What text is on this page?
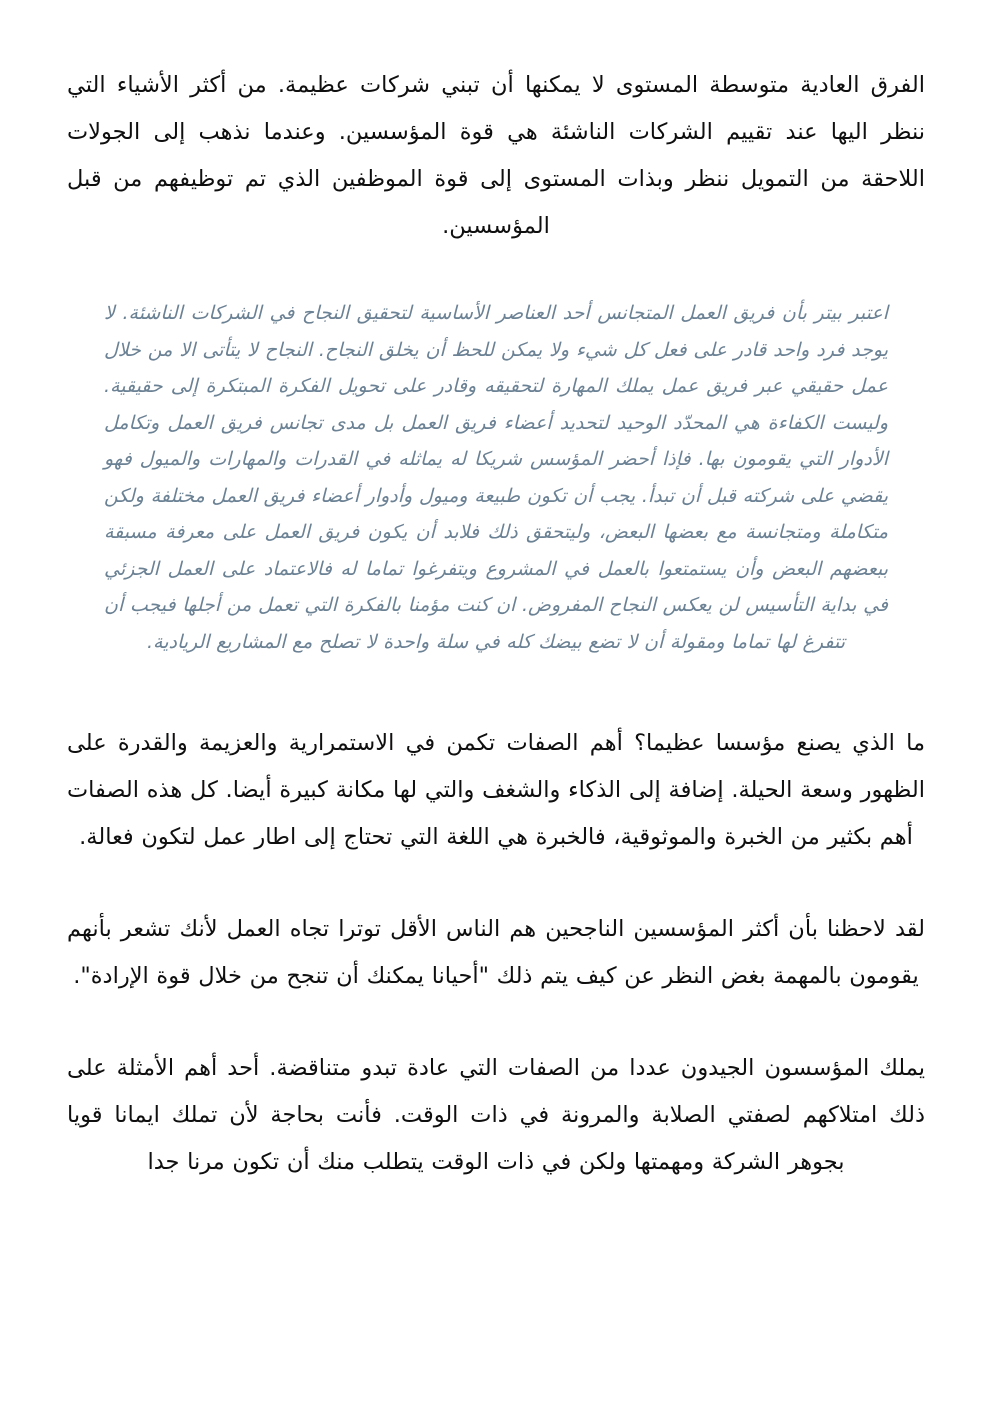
الفرق العادية متوسطة المستوى لا يمكنها أن تبني شركات عظيمة. من أكثر الأشياء التي ننظر اليها عند تقييم الشركات الناشئة هي قوة المؤسسين. وعندما نذهب إلى الجولات اللاحقة من التمويل ننظر وبذات المستوى إلى قوة الموظفين الذي تم توظيفهم من قبل المؤسسين.

اعتبر بيتر بأن فريق العمل المتجانس أحد العناصر الأساسية لتحقيق النجاح في الشركات الناشئة. لا يوجد فرد واحد قادر على فعل كل شيء ولا يمكن للحظ أن يخلق النجاح. النجاح لا يتأتى الا من خلال عمل حقيقي عبر فريق عمل يملك المهارة لتحقيقه وقادر على تحويل الفكرة المبتكرة إلى حقيقية. وليست الكفاءة هي المحدّد الوحيد لتحديد أعضاء فريق العمل بل مدى تجانس فريق العمل وتكامل الأدوار التي يقومون بها. فإذا أحضر المؤسس شريكا له يماثله في القدرات والمهارات والميول فهو يقضي على شركته قبل أن تبدأ. يجب أن تكون طبيعة وميول وأدوار أعضاء فريق العمل مختلفة ولكن متكاملة ومتجانسة مع بعضها البعض، وليتحقق ذلك فلابد أن يكون فريق العمل على معرفة مسبقة ببعضهم البعض وأن يستمتعوا بالعمل في المشروع ويتفرغوا تماما له فالاعتماد على العمل الجزئي في بداية التأسيس لن يعكس النجاح المفروض. ان كنت مؤمنا بالفكرة التي تعمل من أجلها فيجب أن تتفرغ لها تماما ومقولة أن لا تضع بيضك كله في سلة واحدة لا تصلح مع المشاريع الريادية.

ما الذي يصنع مؤسسا عظيما؟ أهم الصفات تكمن في الاستمرارية والعزيمة والقدرة على الظهور وسعة الحيلة. إضافة إلى الذكاء والشغف والتي لها مكانة كبيرة أيضا. كل هذه الصفات أهم بكثير من الخبرة والموثوقية، فالخبرة هي اللغة التي تحتاج إلى اطار عمل لتكون فعالة.

لقد لاحظنا بأن أكثر المؤسسين الناجحين هم الناس الأقل توترا تجاه العمل لأنك تشعر بأنهم يقومون بالمهمة بغض النظر عن كيف يتم ذلك "أحيانا يمكنك أن تنجح من خلال قوة الإرادة".

يملك المؤسسون الجيدون عددا من الصفات التي عادة تبدو متناقضة. أحد أهم الأمثلة على ذلك امتلاكهم لصفتي الصلابة والمرونة في ذات الوقت. فأنت بحاجة لأن تملك ايمانا قويا بجوهر الشركة ومهمتها ولكن في ذات الوقت يتطلب منك أن تكون مرنا جدا
